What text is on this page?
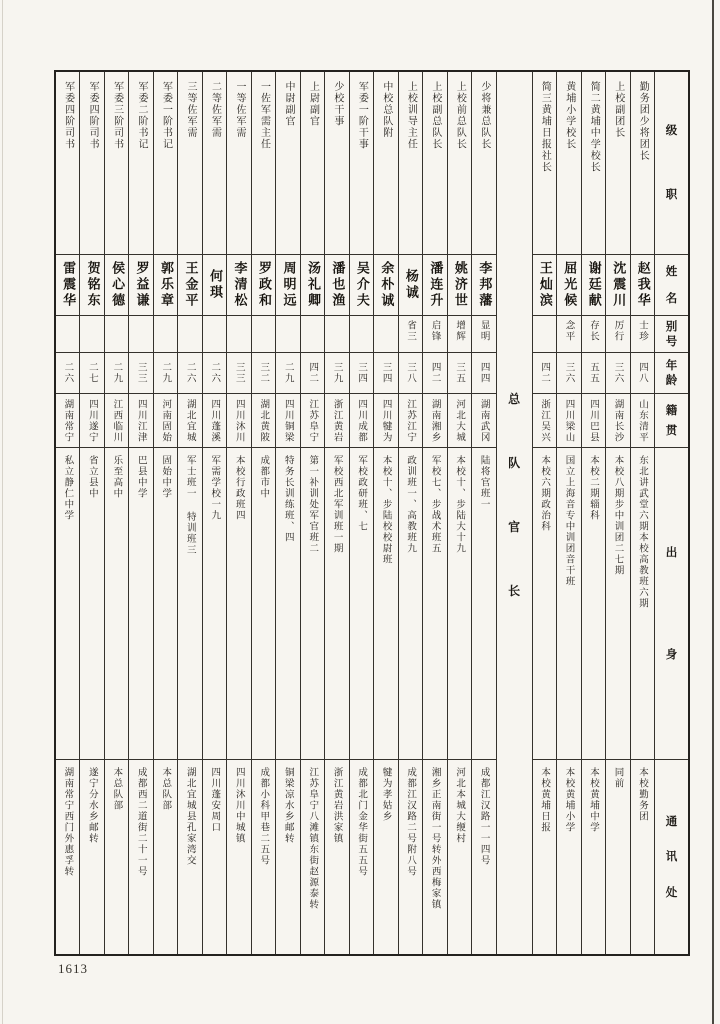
级
职
姓
名
别
号
年
龄
籍
贯
出
身
通
讯
处
勤务团少将团长
赵我华
士珍
四八
山东清平
东北讲武堂六期本校高教班六期
本校勤务团
上校副团长
沈震川
厉行
三六
湖南长沙
本校八期步中训团二七期
同前
简二黄埔中学校长
谢廷献
存长
五五
四川巴县
本校二期辎科
本校黄埔中学
黄埔小学校长
屈光候
念平
三六
四川梁山
国立上海音专中训团音干班
本校黄埔小学
简三黄埔日报社长
王灿滨
四二
浙江吴兴
本校六期政治科
本校黄埔日报
总
队
官
长
少将兼总队长
李邦藩
显明
四四
湖南武冈
陆将官班一
成都江汉路一一四号
上校前总队长
姚济世
增辉
三五
河北大城
本校十、步陆大十九
河北本城大缏村
上校副总队长
潘连升
启锋
四二
湖南湘乡
军校七、步战术班五
湘乡正南街一号转外西梅家镇
上校训导主任
杨诚
省三
三八
江苏江宁
政训班一、高教班九
成都江汉路二号附八号
中校总队附
余朴诚
三四
四川犍为
本校十、步陆校校尉班
犍为孝姑乡
军委一阶干事
吴介夫
三四
四川成都
军校政研班、七
成都北门金华街五五号
少校干事
潘也渔
三九
浙江黄岩
军校西北军训班一期
浙江黄岩洪家镇
上尉副官
汤礼卿
四二
江苏阜宁
第一补训处军官班二
江苏阜宁八滩镇东街赵源泰转
中尉副官
周明远
二九
四川铜梁
特务长训练班、四
铜梁凉水乡邮转
一佐军需主任
罗政和
三二
湖北黄陂
成都市中
成都小科甲巷二五号
一等佐军需
李清松
三三
四川沐川
本校行政班四
四川沐川中城镇
二等佐军需
何琪
二六
四川蓬溪
军需学校一九
四川蓬安周口
三等佐军需
王金平
二六
湖北宜城
军士班一 特训班三
湖北宜城县孔家湾交
军委一阶书记
郭乐章
二九
河南固始
固始中学
本总队部
军委二阶书记
罗益谦
三三
四川江津
巴县中学
成都西二道街二十一号
军委三阶司书
侯心德
二九
江西临川
乐至高中
本总队部
军委四阶司书
贺铭东
二七
四川遂宁
省立县中
遂宁分水乡邮转
军委四阶司书
雷震华
二六
湖南常宁
私立静仁中学
湖南常宁西门外惠孚转
1613
